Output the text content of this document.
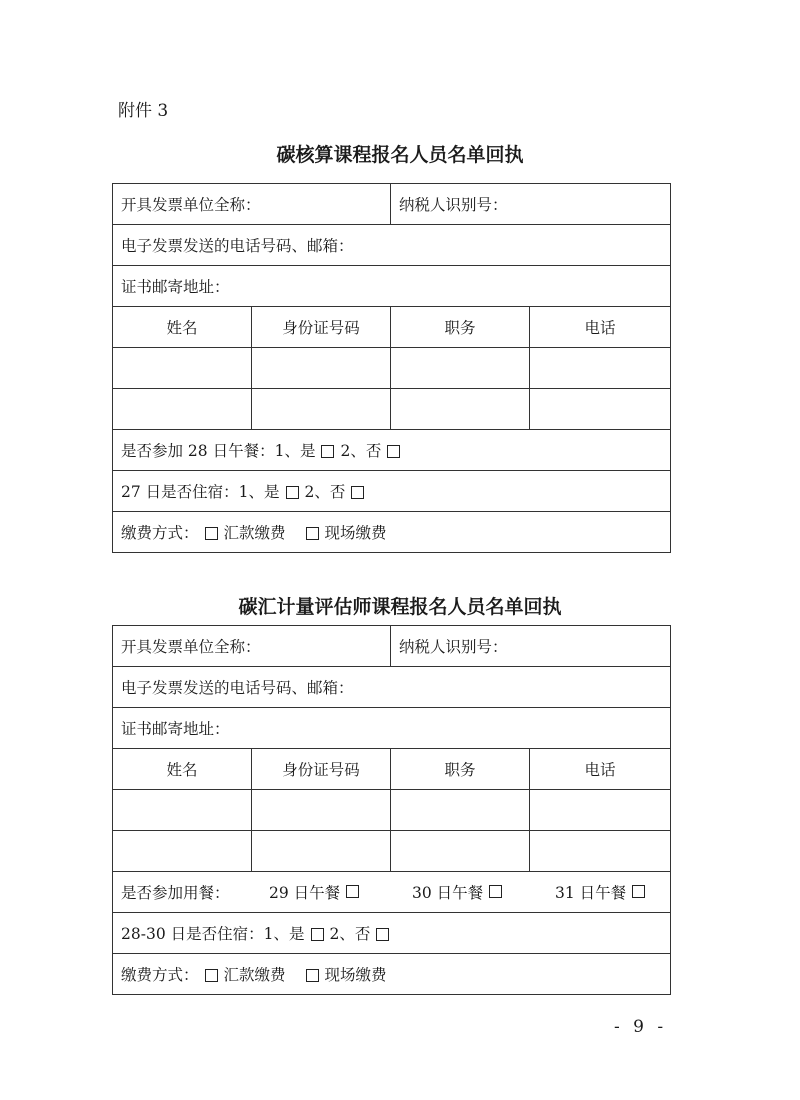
附件 3
碳核算课程报名人员名单回执
开具发票单位全称：		纳税人识别号：	
电子发票发送的电话号码、邮箱：			
证书邮寄地址：			
姓名	身份证号码	职务	电话

是否参加 28 日午餐：1、是 2、否			
27 日是否住宿：1、是 2、否			
缴费方式： 汇款缴费 现场缴费			
碳汇计量评估师课程报名人员名单回执
开具发票单位全称：		纳税人识别号：	
电子发票发送的电话号码、邮箱：			
证书邮寄地址：			
姓名	身份证号码	职务	电话

是否参加用餐： 29 日午餐 30 日午餐 31 日午餐			

28-30 日是否住宿：1、是 2、否			
缴费方式： 汇款缴费 现场缴费			
- 9 -
